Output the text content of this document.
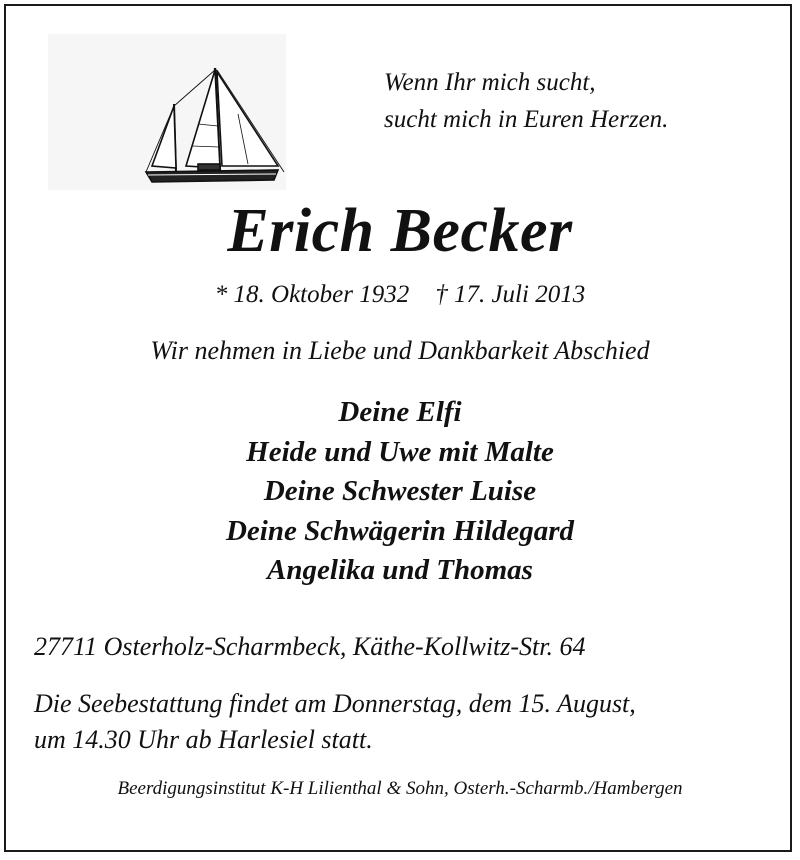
Wenn Ihr mich sucht,
sucht mich in Euren Herzen.
Erich Becker
* 18. Oktober 1932 † 17. Juli 2013
Wir nehmen in Liebe und Dankbarkeit Abschied
Deine Elfi
Heide und Uwe mit Malte
Deine Schwester Luise
Deine Schwägerin Hildegard
Angelika und Thomas
27711 Osterholz-Scharmbeck, Käthe-Kollwitz-Str. 64
Die Seebestattung findet am Donnerstag, dem 15. August,
um 14.30 Uhr ab Harlesiel statt.
Beerdigungsinstitut K-H Lilienthal & Sohn, Osterh.-Scharmb./Hambergen
